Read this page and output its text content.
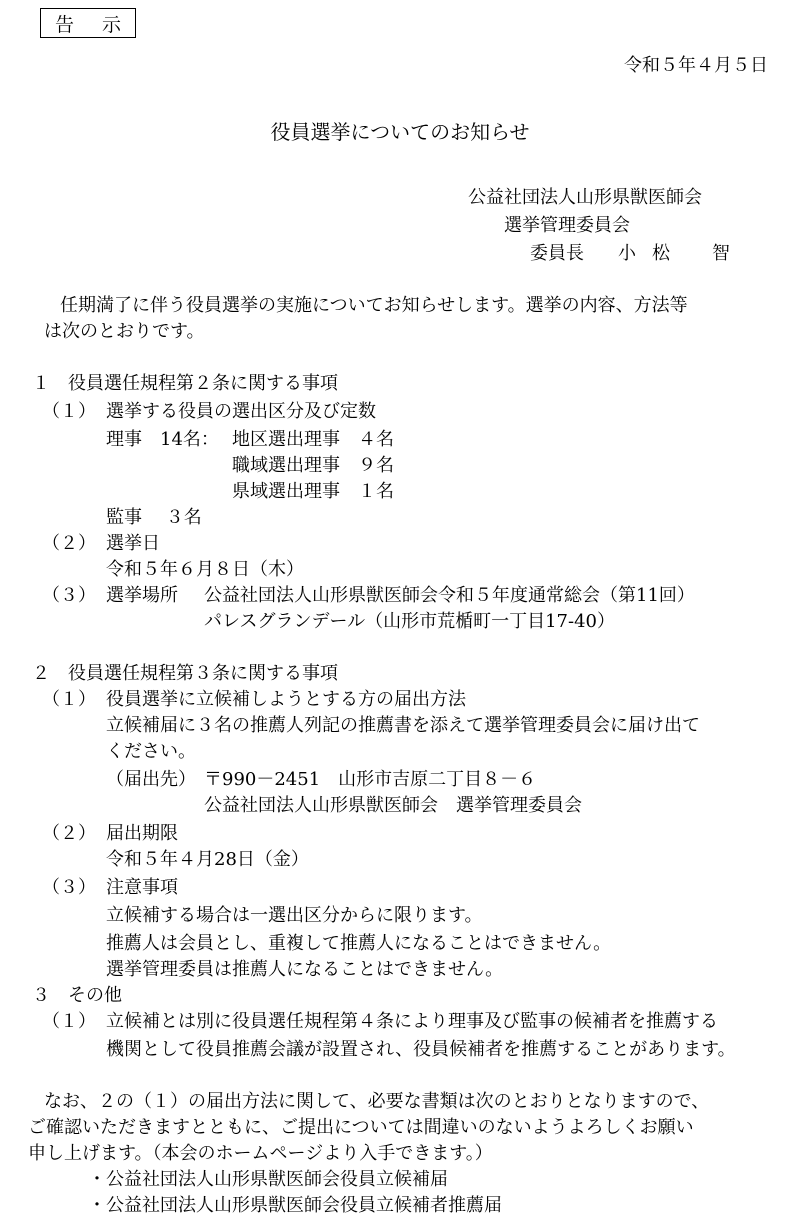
告 示
令和５年４月５日
役員選挙についてのお知らせ
公益社団法人山形県獣医師会
選挙管理委員会
委員長 小 松 智
任期満了に伴う役員選挙の実施についてお知らせします。選挙の内容、方法等
は次のとおりです。
１　役員選任規程第２条に関する事項
（１） 選挙する役員の選出区分及び定数
理事　14名： 地区選出理事　４名
職域選出理事　９名
県域選出理事　１名
監事　 ３名
（２） 選挙日
令和５年６月８日（木）
（３） 選挙場所 公益社団法人山形県獣医師会令和５年度通常総会（第11回）
パレスグランデール（山形市荒楯町一丁目17-40）
２　役員選任規程第３条に関する事項
（１） 役員選挙に立候補しようとする方の届出方法
立候補届に３名の推薦人列記の推薦書を添えて選挙管理委員会に届け出て
ください。
（届出先） 〒990－2451　山形市吉原二丁目８－６
公益社団法人山形県獣医師会　選挙管理委員会
（２） 届出期限
令和５年４月28日（金）
（３） 注意事項
立候補する場合は一選出区分からに限ります。
推薦人は会員とし、重複して推薦人になることはできません。
選挙管理委員は推薦人になることはできません。
３　その他
（１） 立候補とは別に役員選任規程第４条により理事及び監事の候補者を推薦する
機関として役員推薦会議が設置され、役員候補者を推薦することがあります。
なお、２の（１）の届出方法に関して、必要な書類は次のとおりとなりますので、
ご確認いただきますとともに、ご提出については間違いのないようよろしくお願い
申し上げます。（本会のホームページより入手できます。）
・公益社団法人山形県獣医師会役員立候補届
・公益社団法人山形県獣医師会役員立候補者推薦届
